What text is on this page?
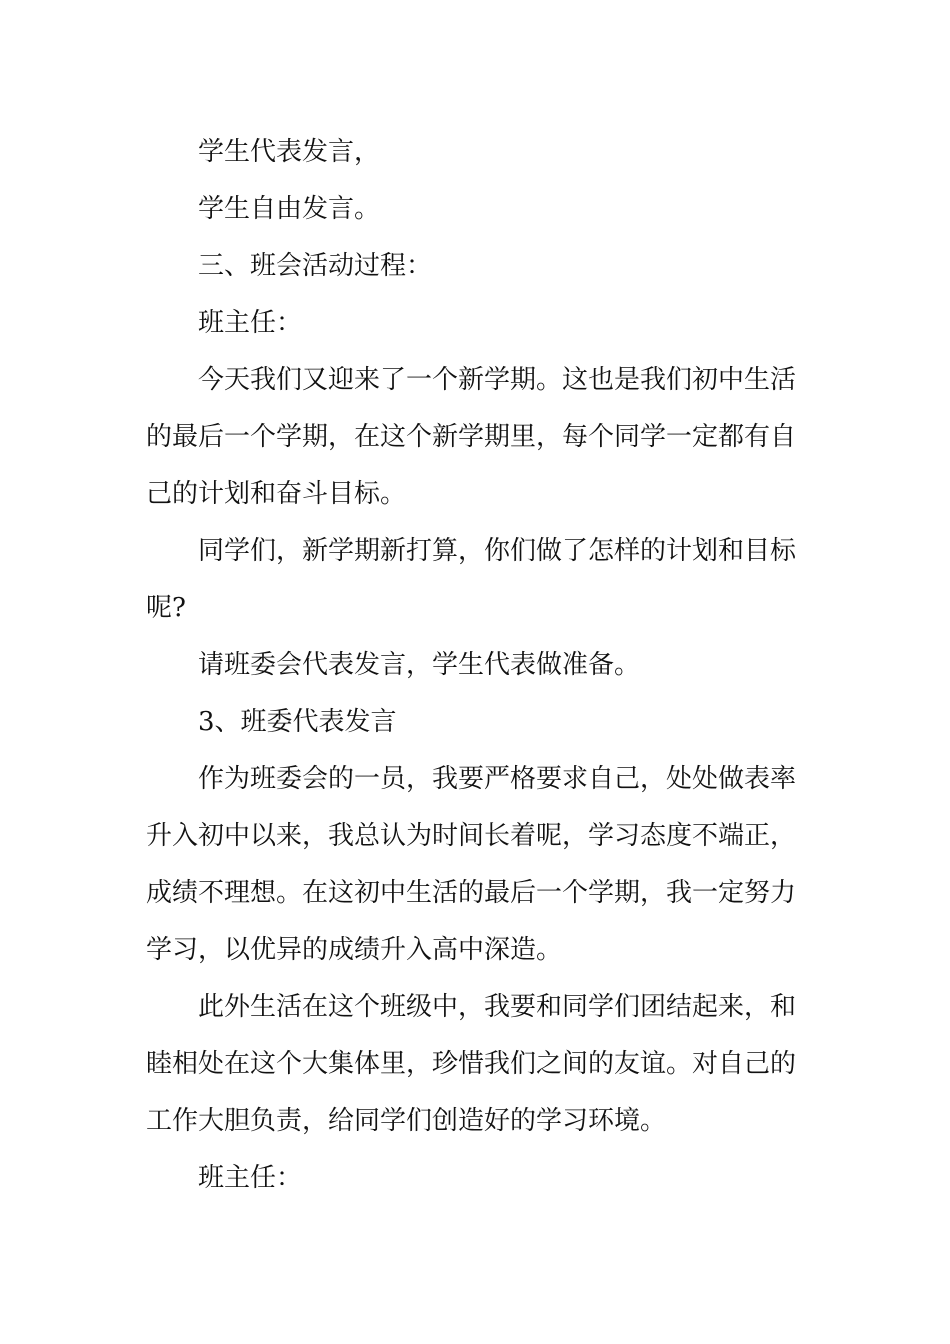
学生代表发言，

学生自由发言。

三、班会活动过程：

班主任：

今天我们又迎来了一个新学期。这也是我们初中生活
的最后一个学期，在这个新学期里，每个同学一定都有自
己的计划和奋斗目标。

同学们，新学期新打算，你们做了怎样的计划和目标
呢?

请班委会代表发言，学生代表做准备。

3、班委代表发言

作为班委会的一员，我要严格要求自己，处处做表率
升入初中以来，我总认为时间长着呢，学习态度不端正，
成绩不理想。在这初中生活的最后一个学期，我一定努力
学习，以优异的成绩升入高中深造。

此外生活在这个班级中，我要和同学们团结起来，和
睦相处在这个大集体里，珍惜我们之间的友谊。对自己的
工作大胆负责，给同学们创造好的学习环境。

班主任：
